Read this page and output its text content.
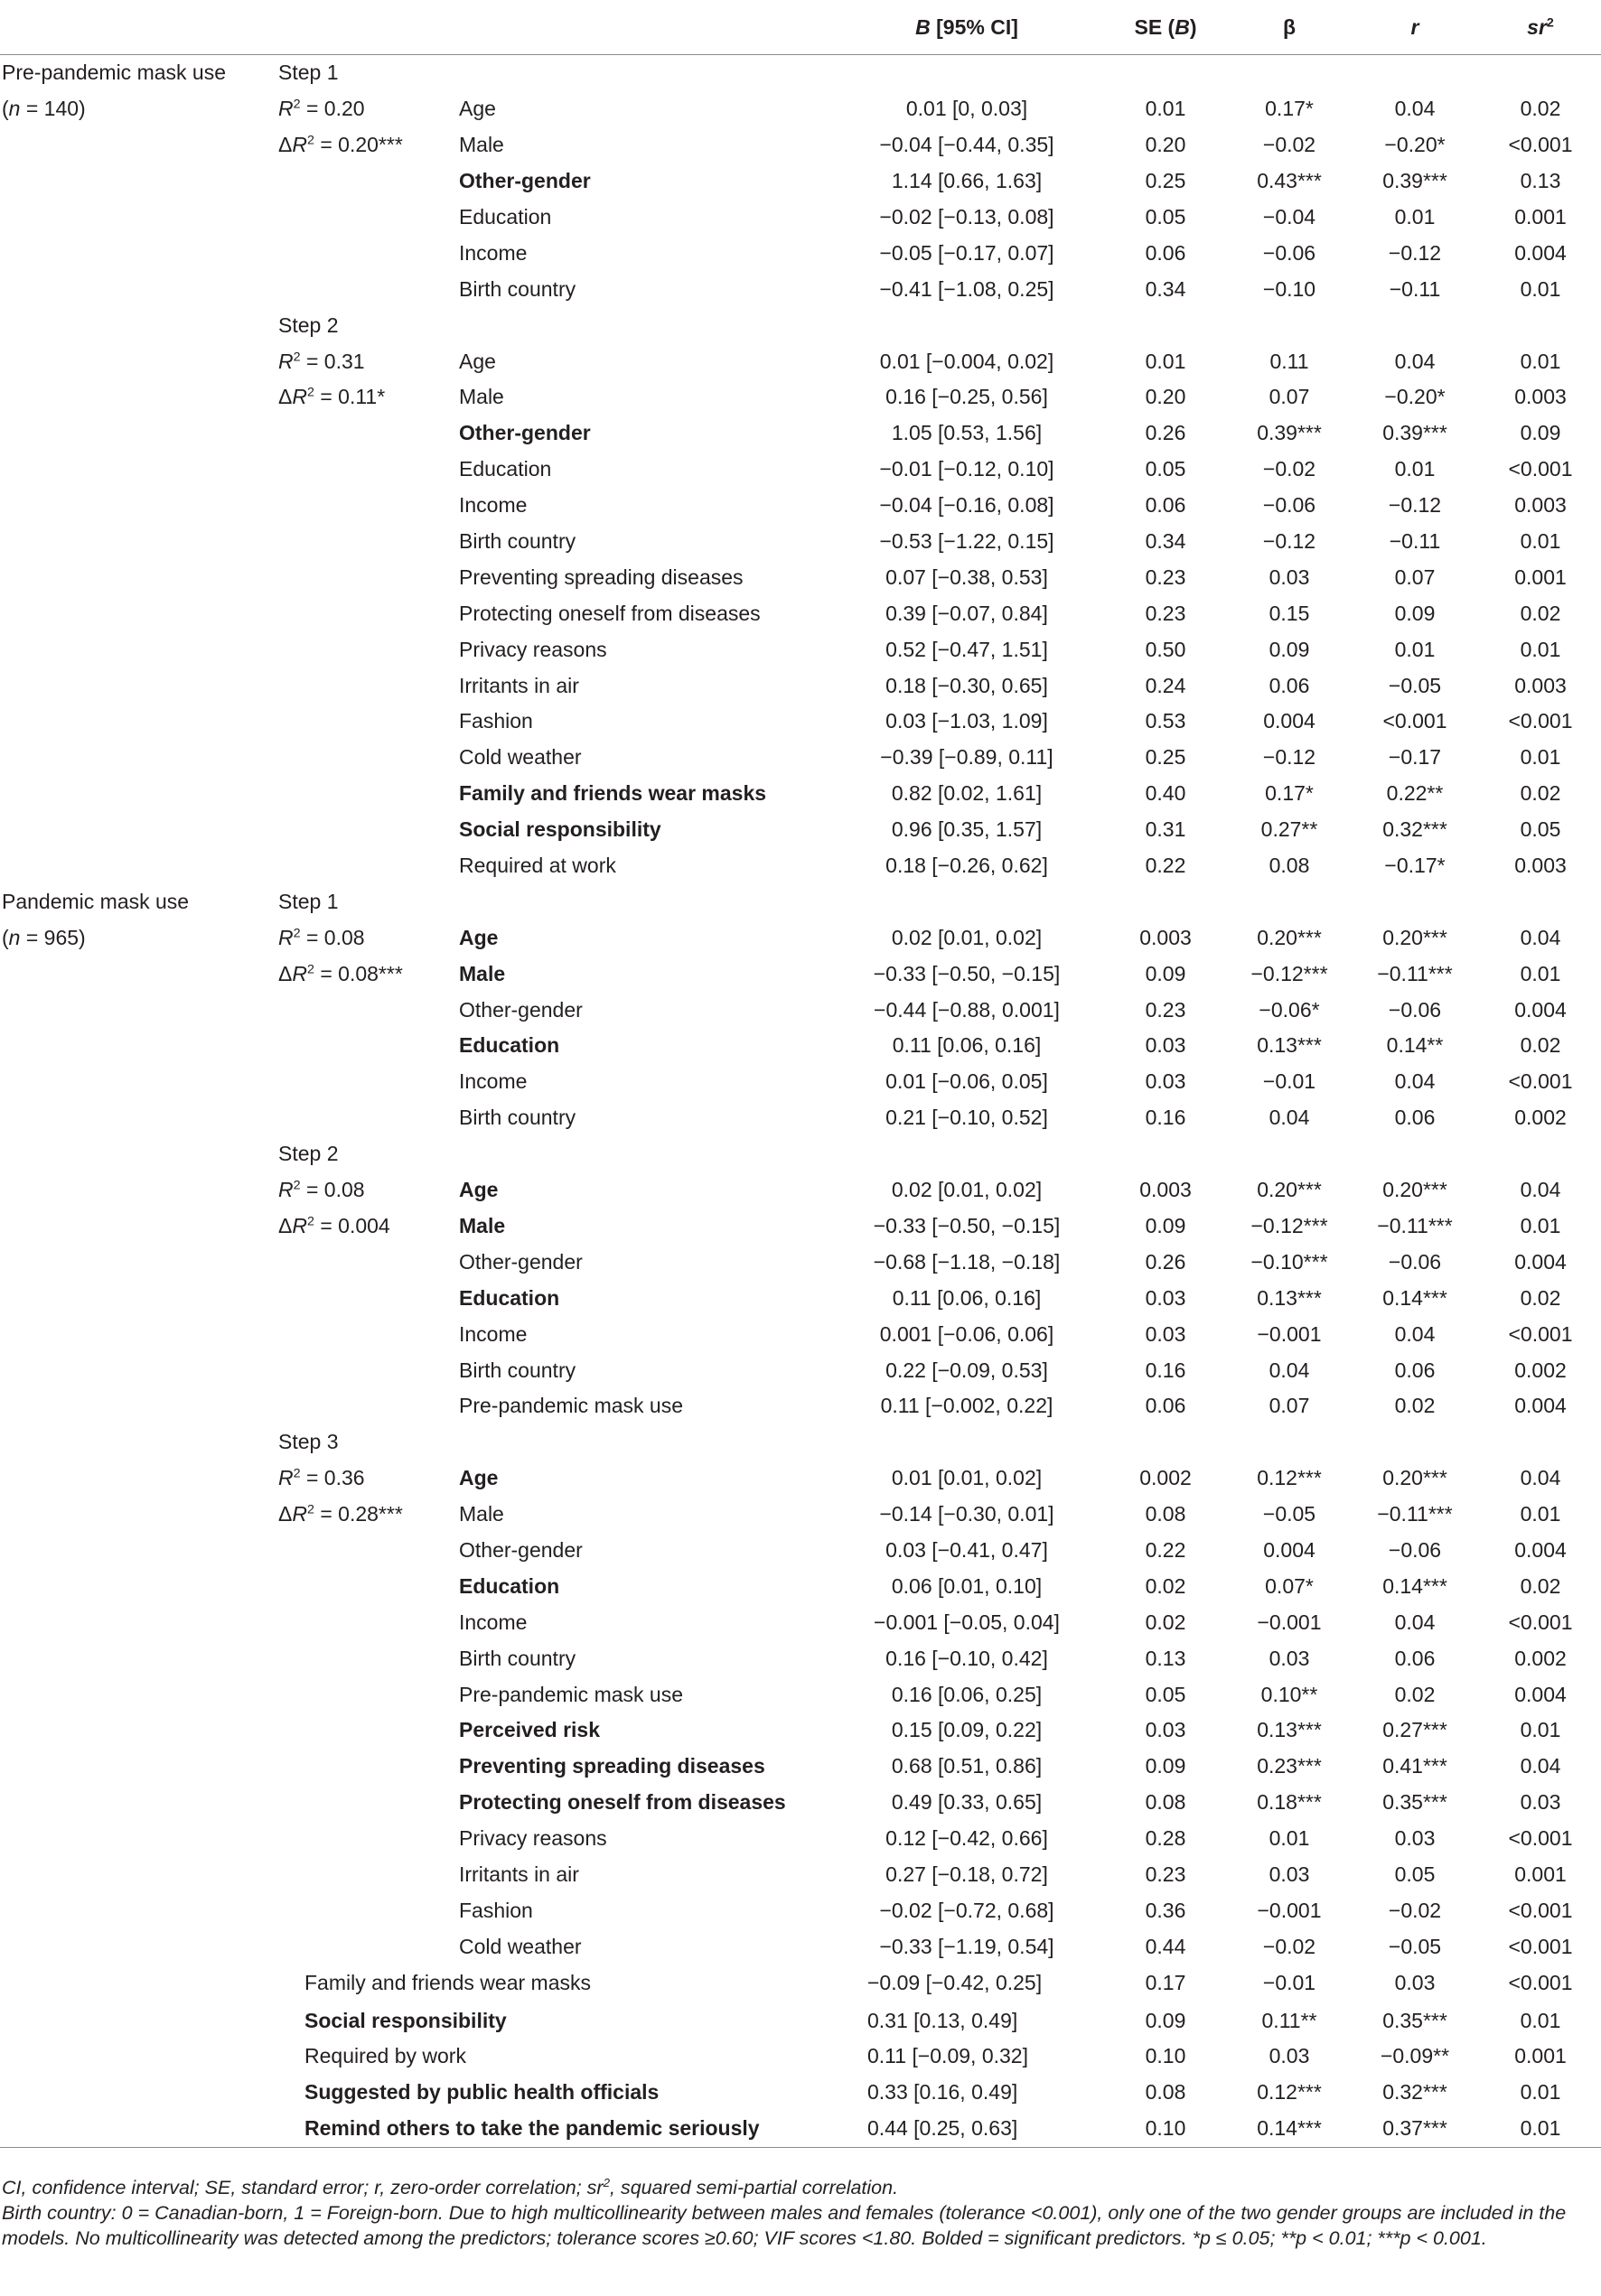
			B [95% CI]	SE (B)	β	r	$sr^2$
Pre-pandemic mask use	Step 1						
(n = 140)	$R^2 = 0.20$	Age	0.01 [0, 0.03]	0.01	0.17*	0.04	0.02
	$\Delta R^2 = 0.20***$	Male	−0.04 [−0.44, 0.35]	0.20	−0.02	−0.20*	<0.001
		Other-gender	1.14 [0.66, 1.63]	0.25	0.43***	0.39***	0.13
		Education	−0.02 [−0.13, 0.08]	0.05	−0.04	0.01	0.001
		Income	−0.05 [−0.17, 0.07]	0.06	−0.06	−0.12	0.004
		Birth country	−0.41 [−1.08, 0.25]	0.34	−0.10	−0.11	0.01
	Step 2						
	$R^2 = 0.31$	Age	0.01 [−0.004, 0.02]	0.01	0.11	0.04	0.01
	$\Delta R^2 = 0.11*$	Male	0.16 [−0.25, 0.56]	0.20	0.07	−0.20*	0.003
		Other-gender	1.05 [0.53, 1.56]	0.26	0.39***	0.39***	0.09
		Education	−0.01 [−0.12, 0.10]	0.05	−0.02	0.01	<0.001
		Income	−0.04 [−0.16, 0.08]	0.06	−0.06	−0.12	0.003
		Birth country	−0.53 [−1.22, 0.15]	0.34	−0.12	−0.11	0.01
		Preventing spreading diseases	0.07 [−0.38, 0.53]	0.23	0.03	0.07	0.001
		Protecting oneself from diseases	0.39 [−0.07, 0.84]	0.23	0.15	0.09	0.02
		Privacy reasons	0.52 [−0.47, 1.51]	0.50	0.09	0.01	0.01
		Irritants in air	0.18 [−0.30, 0.65]	0.24	0.06	−0.05	0.003
		Fashion	0.03 [−1.03, 1.09]	0.53	0.004	<0.001	<0.001
		Cold weather	−0.39 [−0.89, 0.11]	0.25	−0.12	−0.17	0.01
		Family and friends wear masks	0.82 [0.02, 1.61]	0.40	0.17*	0.22**	0.02
		Social responsibility	0.96 [0.35, 1.57]	0.31	0.27**	0.32***	0.05
		Required at work	0.18 [−0.26, 0.62]	0.22	0.08	−0.17*	0.003
Pandemic mask use	Step 1						
(n = 965)	$R^2 = 0.08$	Age	0.02 [0.01, 0.02]	0.003	0.20***	0.20***	0.04
	$\Delta R^2 = 0.08***$	Male	−0.33 [−0.50, −0.15]	0.09	−0.12***	−0.11***	0.01
		Other-gender	−0.44 [−0.88, 0.001]	0.23	−0.06*	−0.06	0.004
		Education	0.11 [0.06, 0.16]	0.03	0.13***	0.14**	0.02
		Income	0.01 [−0.06, 0.05]	0.03	−0.01	0.04	<0.001
		Birth country	0.21 [−0.10, 0.52]	0.16	0.04	0.06	0.002
	Step 2						
	$R^2 = 0.08$	Age	0.02 [0.01, 0.02]	0.003	0.20***	0.20***	0.04
	$\Delta R^2 = 0.004$	Male	−0.33 [−0.50, −0.15]	0.09	−0.12***	−0.11***	0.01
		Other-gender	−0.68 [−1.18, −0.18]	0.26	−0.10***	−0.06	0.004
		Education	0.11 [0.06, 0.16]	0.03	0.13***	0.14***	0.02
		Income	0.001 [−0.06, 0.06]	0.03	−0.001	0.04	<0.001
		Birth country	0.22 [−0.09, 0.53]	0.16	0.04	0.06	0.002
		Pre-pandemic mask use	0.11 [−0.002, 0.22]	0.06	0.07	0.02	0.004
	Step 3						
	$R^2 = 0.36$	Age	0.01 [0.01, 0.02]	0.002	0.12***	0.20***	0.04
	$\Delta R^2 = 0.28***$	Male	−0.14 [−0.30, 0.01]	0.08	−0.05	−0.11***	0.01
		Other-gender	0.03 [−0.41, 0.47]	0.22	0.004	−0.06	0.004
		Education	0.06 [0.01, 0.10]	0.02	0.07*	0.14***	0.02
		Income	−0.001 [−0.05, 0.04]	0.02	−0.001	0.04	<0.001
		Birth country	0.16 [−0.10, 0.42]	0.13	0.03	0.06	0.002
		Pre-pandemic mask use	0.16 [0.06, 0.25]	0.05	0.10**	0.02	0.004
		Perceived risk	0.15 [0.09, 0.22]	0.03	0.13***	0.27***	0.01
		Preventing spreading diseases	0.68 [0.51, 0.86]	0.09	0.23***	0.41***	0.04
		Protecting oneself from diseases	0.49 [0.33, 0.65]	0.08	0.18***	0.35***	0.03
		Privacy reasons	0.12 [−0.42, 0.66]	0.28	0.01	0.03	<0.001
		Irritants in air	0.27 [−0.18, 0.72]	0.23	0.03	0.05	0.001
		Fashion	−0.02 [−0.72, 0.68]	0.36	−0.001	−0.02	<0.001
		Cold weather	−0.33 [−1.19, 0.54]	0.44	−0.02	−0.05	<0.001
	Family and friends wear masks		−0.09 [−0.42, 0.25]	0.17	−0.01	0.03	<0.001
	Social responsibility		0.31 [0.13, 0.49]	0.09	0.11**	0.35***	0.01
	Required by work		0.11 [−0.09, 0.32]	0.10	0.03	−0.09**	0.001
	Suggested by public health officials		0.33 [0.16, 0.49]	0.08	0.12***	0.32***	0.01
	Remind others to take the pandemic seriously		0.44 [0.25, 0.63]	0.10	0.14***	0.37***	0.01

CI, confidence interval; SE, standard error; r, zero-order correlation; $sr^2$, squared semi-partial correlation.

Birth country: 0 = Canadian-born, 1 = Foreign-born. Due to high multicollinearity between males and females (tolerance <0.001), only one of the two gender groups are included in the models. No multicollinearity was detected among the predictors; tolerance scores ≥0.60; VIF scores <1.80. Bolded = significant predictors. *p ≤ 0.05; **p < 0.01; ***p < 0.001.
